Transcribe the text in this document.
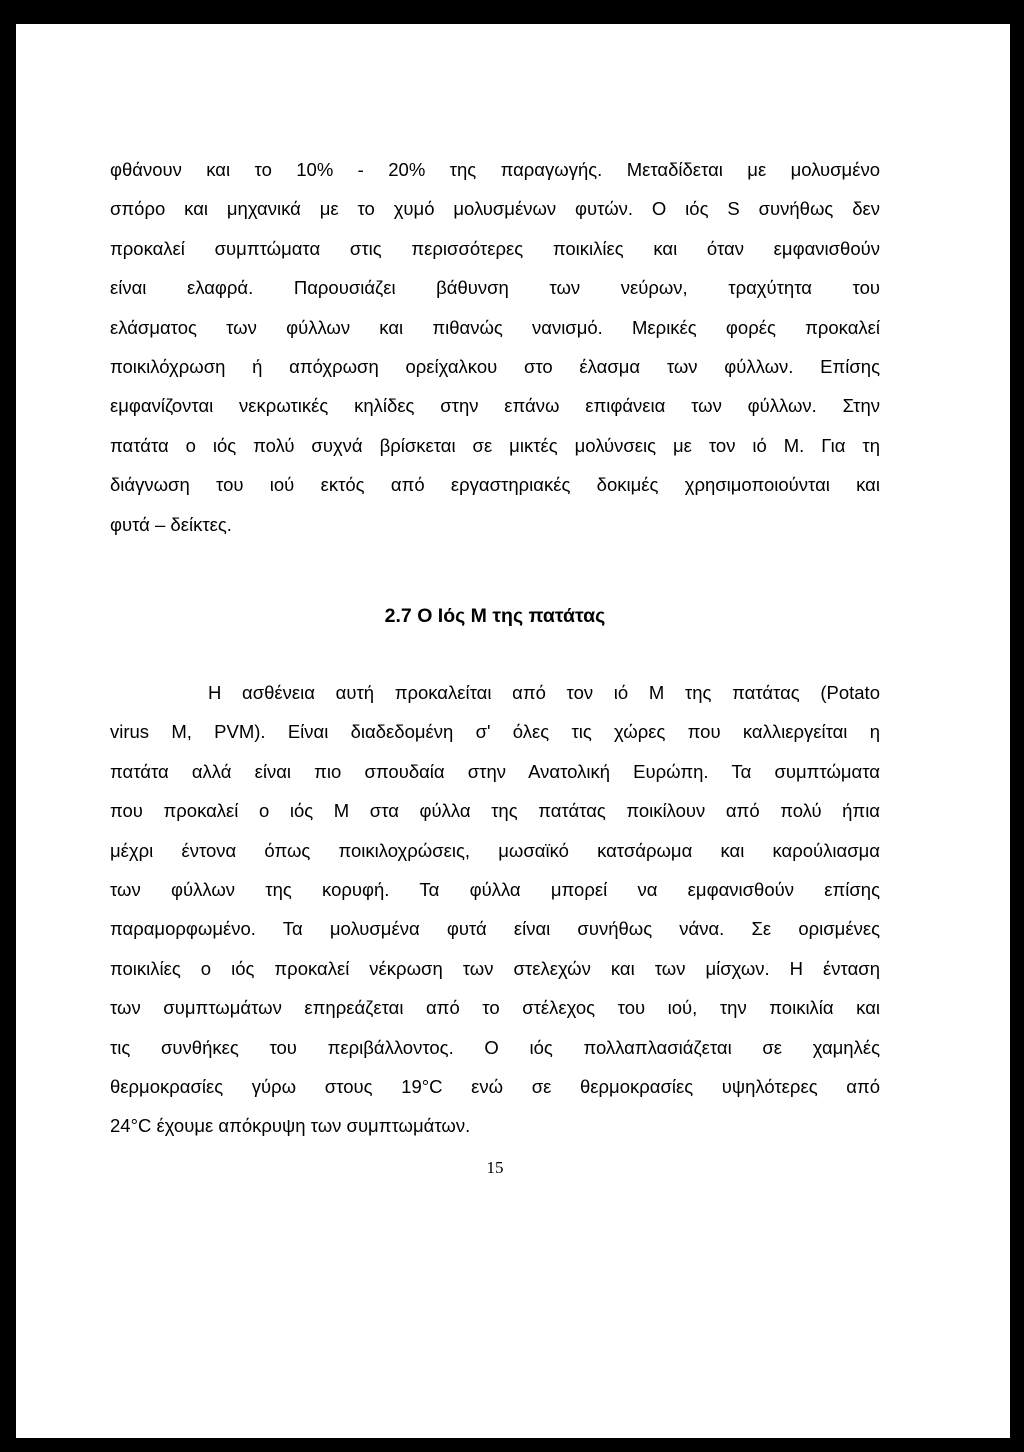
φθάνουν και το 10% - 20% της παραγωγής. Μεταδίδεται με μολυσμένο
σπόρο και μηχανικά με το χυμό μολυσμένων φυτών. Ο ιός S συνήθως δεν
προκαλεί συμπτώματα στις περισσότερες ποικιλίες και όταν εμφανισθούν
είναι ελαφρά. Παρουσιάζει βάθυνση των νεύρων, τραχύτητα του
ελάσματος των φύλλων και πιθανώς νανισμό. Μερικές φορές προκαλεί
ποικιλόχρωση ή απόχρωση ορείχαλκου στο έλασμα των φύλλων. Επίσης
εμφανίζονται νεκρωτικές κηλίδες στην επάνω επιφάνεια των φύλλων. Στην
πατάτα ο ιός πολύ συχνά βρίσκεται σε μικτές μολύνσεις με τον ιό Μ. Για τη
διάγνωση του ιού εκτός από εργαστηριακές δοκιμές χρησιμοποιούνται και
φυτά – δείκτες.
2.7 Ο Ιός Μ της πατάτας
Η ασθένεια αυτή προκαλείται από τον ιό Μ της πατάτας (Potato
virus M, PVM). Είναι διαδεδομένη σ' όλες τις χώρες που καλλιεργείται η
πατάτα αλλά είναι πιο σπουδαία στην Ανατολική Ευρώπη. Τα συμπτώματα
που προκαλεί ο ιός Μ στα φύλλα της πατάτας ποικίλουν από πολύ ήπια
μέχρι έντονα όπως ποικιλοχρώσεις, μωσαϊκό κατσάρωμα και καρούλιασμα
των φύλλων της κορυφή. Τα φύλλα μπορεί να εμφανισθούν επίσης
παραμορφωμένο. Τα μολυσμένα φυτά είναι συνήθως νάνα. Σε ορισμένες
ποικιλίες ο ιός προκαλεί νέκρωση των στελεχών και των μίσχων. Η ένταση
των συμπτωμάτων επηρεάζεται από το στέλεχος του ιού, την ποικιλία και
τις συνθήκες του περιβάλλοντος. Ο ιός πολλαπλασιάζεται σε χαμηλές
θερμοκρασίες γύρω στους 19°C ενώ σε θερμοκρασίες υψηλότερες από
24°C έχουμε απόκρυψη των συμπτωμάτων.
15
